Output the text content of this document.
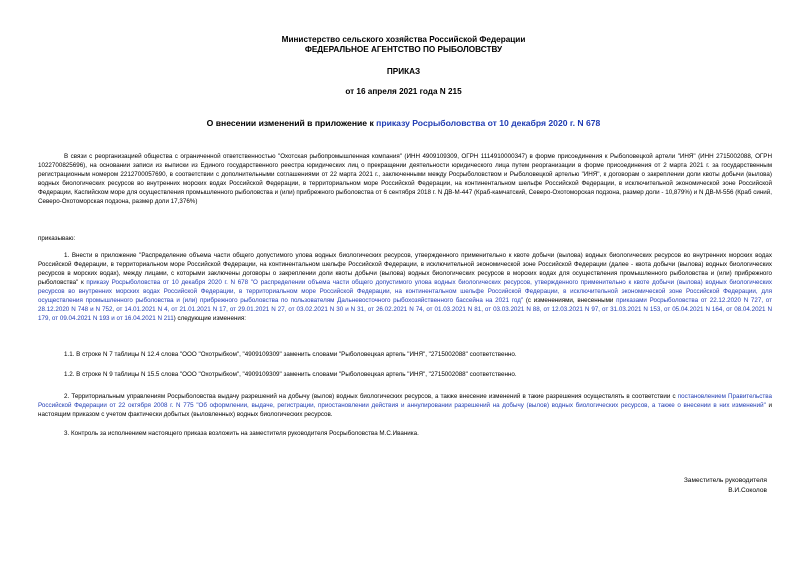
Министерство сельского хозяйства Российской Федерации
ФЕДЕРАЛЬНОЕ АГЕНТСТВО ПО РЫБОЛОВСТВУ
ПРИКАЗ
от 16 апреля 2021 года N 215
О внесении изменений в приложение к приказу Росрыболовства от 10 декабря 2020 г. N 678
В связи с реорганизацией общества с ограниченной ответственностью "Охотская рыбопромышленная компания" (ИНН 4909109309, ОГРН 1114910000347) в форме присоединения к Рыболовецкой артели "ИНЯ" (ИНН 2715002088, ОГРН 1022700825696), на основании записи из выписки из Единого государственного реестра юридических лиц о прекращении деятельности юридического лица путем реорганизации в форме присоединения от 2 марта 2021 г. за государственным регистрационным номером 2212700057690, в соответствии с дополнительными соглашениями от 22 марта 2021 г., заключенными между Росрыболовством и Рыболовецкой артелью "ИНЯ", к договорам о закреплении доли квоты добычи (вылова) водных биологических ресурсов во внутренних морских водах Российской Федерации, в территориальном море Российской Федерации, на континентальном шельфе Российской Федерации, в исключительной экономической зоне Российской Федерации, Каспийском море для осуществления промышленного рыболовства и (или) прибрежного рыболовства от 6 сентября 2018 г. N ДВ-М-447 (Краб-камчатский, Северо-Охотоморская подзона, размер доли - 10,879%) и N ДВ-М-556 (Краб синий, Северо-Охотоморская подзона, размер доли 17,376%)
приказываю:
1. Внести в приложение "Распределение объема части общего допустимого улова водных биологических ресурсов, утвержденного применительно к квоте добычи (вылова) водных биологических ресурсов во внутренних морских водах Российской Федерации, в территориальном море Российской Федерации, на континентальном шельфе Российской Федерации, в исключительной экономической зоне Российской Федерации (далее - квота добычи (вылова) водных биологических ресурсов в морских водах), между лицами, с которыми заключены договоры о закреплении доли квоты добычи (вылова) водных биологических ресурсов в морских водах для осуществления промышленного рыболовства и (или) прибрежного рыболовства" к приказу Росрыболовства от 10 декабря 2020 г. N 678 "О распределении объема части общего допустимого улова водных биологических ресурсов, утвержденного применительно к квоте добычи (вылова) водных биологических ресурсов во внутренних морских водах Российской Федерации, в территориальном море Российской Федерации, на континентальном шельфе Российской Федерации, в исключительной экономической зоне Российской Федерации, для осуществления промышленного рыболовства и (или) прибрежного рыболовства по пользователям Дальневосточного рыбохозяйственного бассейна на 2021 год" (с изменениями, внесенными приказами Росрыболовства от 22.12.2020 N 727, от 28.12.2020 N 748 и N 752, от 14.01.2021 N 4, от 21.01.2021 N 17, от 29.01.2021 N 27, от 03.02.2021 N 30 и N 31, от 26.02.2021 N 74, от 01.03.2021 N 81, от 03.03.2021 N 88, от 12.03.2021 N 97, от 31.03.2021 N 153, от 05.04.2021 N 164, от 08.04.2021 N 179, от 09.04.2021 N 193 и от 16.04.2021 N 211) следующие изменения:
1.1. В строке N 7 таблицы N 12.4 слова "ООО "Охотрыбком", "4909109309" заменить словами "Рыболовецкая артель "ИНЯ", "2715002088" соответственно.
1.2. В строке N 9 таблицы N 15.5 слова "ООО "Охотрыбком", "4909109309" заменить словами "Рыболовецкая артель "ИНЯ", "2715002088" соответственно.
2. Территориальным управлениям Росрыболовства выдачу разрешений на добычу (вылов) водных биологических ресурсов, а также внесение изменений в такие разрешения осуществлять в соответствии с постановлением Правительства Российской Федерации от 22 октября 2008 г. N 775 "Об оформлении, выдаче, регистрации, приостановлении действия и аннулировании разрешений на добычу (вылов) водных биологических ресурсов, а также о внесении в них изменений" и настоящим приказом с учетом фактически добытых (выловленных) водных биологических ресурсов.
3. Контроль за исполнением настоящего приказа возложить на заместителя руководителя Росрыболовства М.С.Иваника.
Заместитель руководителя
В.И.Соколов
